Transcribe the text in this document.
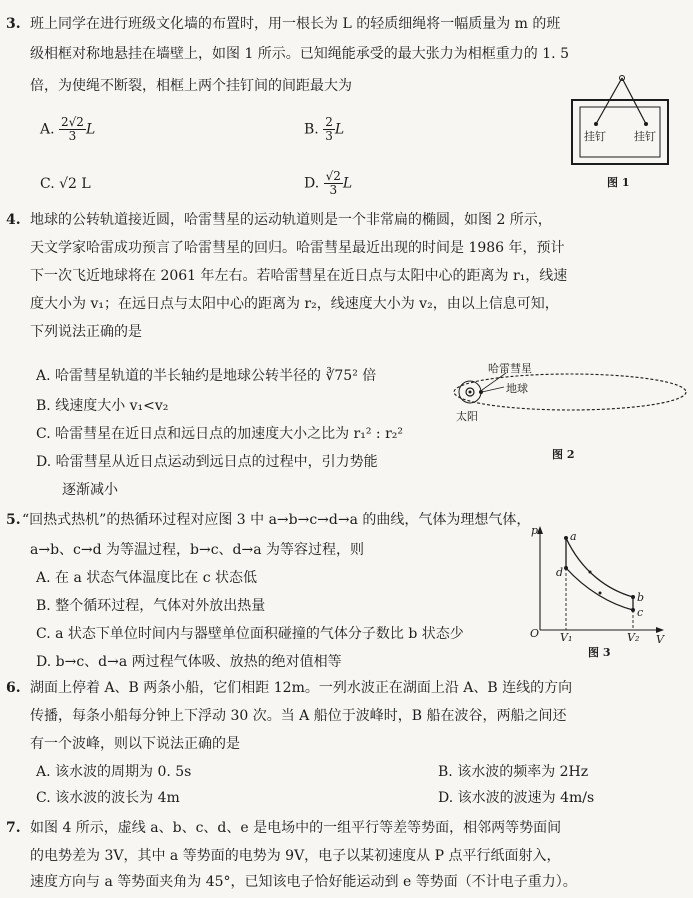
3. 班上同学在进行班级文化墙的布置时，用一根长为 L 的轻质细绳将一幅质量为 m 的班
级相框对称地悬挂在墙壁上，如图 1 所示。已知绳能承受的最大张力为相框重力的 1. 5
倍，为使绳不断裂，相框上两个挂钉间的间距最大为
A. $\frac{2√2}{3}$ L	B. $\frac{2}{3}$ L
C. √2 L	D. $\frac{√2}{3}$ L
挂钉	挂钉
图 1
4. 地球的公转轨道接近圆，哈雷彗星的运动轨道则是一个非常扁的椭圆，如图 2 所示，
天文学家哈雷成功预言了哈雷彗星的回归。哈雷彗星最近出现的时间是 1986 年，预计
下一次飞近地球将在 2061 年左右。若哈雷彗星在近日点与太阳中心的距离为 r₁，线速
度大小为 v₁；在远日点与太阳中心的距离为 r₂，线速度大小为 v₂，由以上信息可知，
下列说法正确的是
A. 哈雷彗星轨道的半长轴约是地球公转半径的 ∛75² 倍
B. 线速度大小 v₁<v₂
C. 哈雷彗星在近日点和远日点的加速度大小之比为 r₁² : r₂²
D. 哈雷彗星从近日点运动到远日点的过程中，引力势能
逐渐减小
哈雷彗星
地球
太阳
图 2
5. “回热式热机”的热循环过程对应图 3 中 a→b→c→d→a 的曲线，气体为理想气体，
a→b、c→d 为等温过程，b→c、d→a 为等容过程，则
A. 在 a 状态气体温度比在 c 状态低
B. 整个循环过程，气体对外放出热量
C. a 状态下单位时间内与器壁单位面积碰撞的气体分子数比 b 状态少
D. b→c、d→a 两过程气体吸、放热的绝对值相等
p
V
O V₁	V₂
a
d
b
c
图 3
6. 湖面上停着 A、B 两条小船，它们相距 12m。一列水波正在湖面上沿 A、B 连线的方向
传播，每条小船每分钟上下浮动 30 次。当 A 船位于波峰时，B 船在波谷，两船之间还
有一个波峰，则以下说法正确的是
A. 该水波的周期为 0. 5s	B. 该水波的频率为 2Hz
C. 该水波的波长为 4m	D. 该水波的波速为 4m/s
7. 如图 4 所示，虚线 a、b、c、d、e 是电场中的一组平行等差等势面，相邻两等势面间
的电势差为 3V，其中 a 等势面的电势为 9V，电子以某初速度从 P 点平行纸面射入，
速度方向与 a 等势面夹角为 45°，已知该电子恰好能运动到 e 等势面（不计电子重力）。
